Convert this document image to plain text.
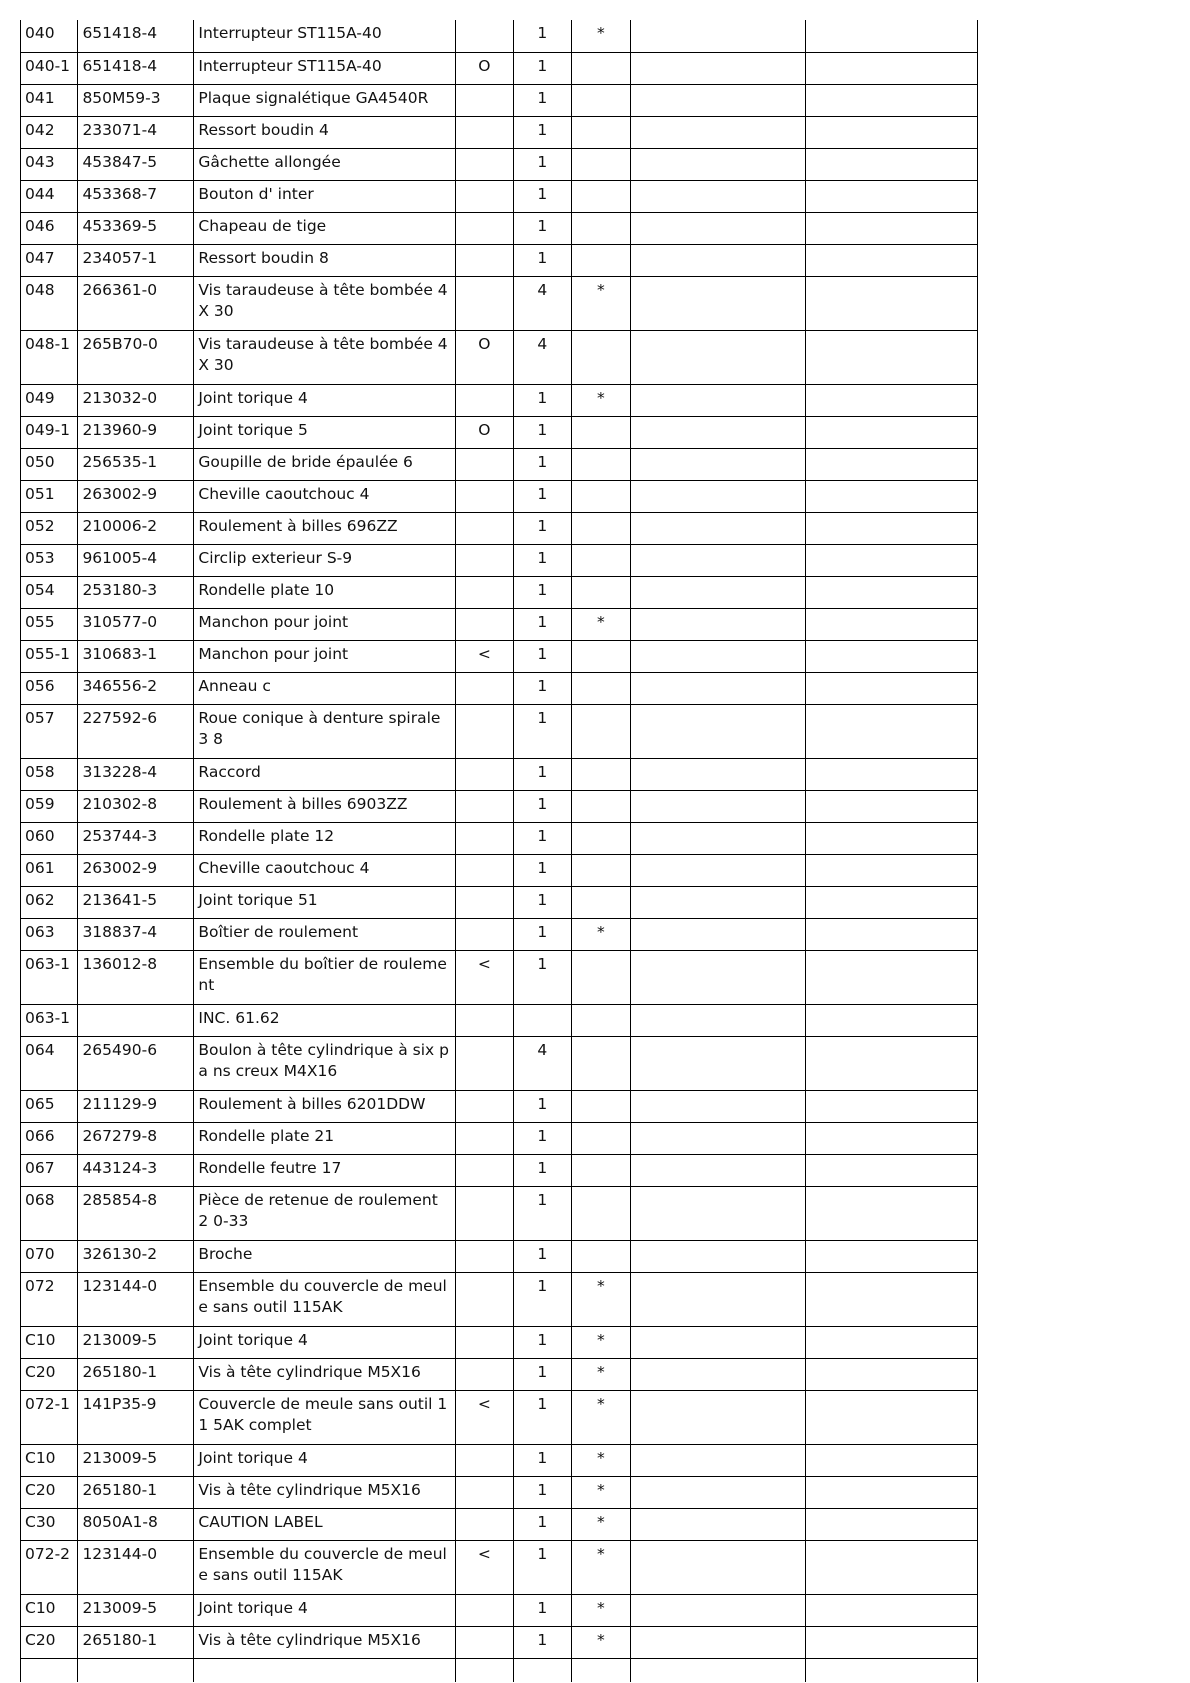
040	651418-4	Interrupteur ST115A-40		1	*		

040-1	651418-4	Interrupteur ST115A-40	O	1			

041	850M59-3	Plaque signalétique GA4540R		1			

042	233071-4	Ressort boudin 4		1			

043	453847-5	Gâchette allongée		1			

044	453368-7	Bouton d' inter		1			

046	453369-5	Chapeau de tige		1			

047	234057-1	Ressort boudin 8		1			

048	266361-0	Vis taraudeuse à tête bombée 4X 30		4	*		

048-1	265B70-0	Vis taraudeuse à tête bombée 4X 30	O	4			

049	213032-0	Joint torique 4		1	*		

049-1	213960-9	Joint torique 5	O	1			

050	256535-1	Goupille de bride épaulée 6		1			

051	263002-9	Cheville caoutchouc 4		1			

052	210006-2	Roulement à billes 696ZZ		1			

053	961005-4	Circlip exterieur S-9		1			

054	253180-3	Rondelle plate 10		1			

055	310577-0	Manchon pour joint		1	*		

055-1	310683-1	Manchon pour joint	<	1			

056	346556-2	Anneau c		1			

057	227592-6	Roue conique à denture spirale 3 8		1			

058	313228-4	Raccord		1			

059	210302-8	Roulement à billes 6903ZZ		1			

060	253744-3	Rondelle plate 12		1			

061	263002-9	Cheville caoutchouc 4		1			

062	213641-5	Joint torique 51		1			

063	318837-4	Boîtier de roulement		1	*		

063-1	136012-8	Ensemble du boîtier de rouleme nt	<	1			

063-1		INC. 61.62					

064	265490-6	Boulon à tête cylindrique à six pa ns creux M4X16		4			

065	211129-9	Roulement à billes 6201DDW		1			

066	267279-8	Rondelle plate 21		1			

067	443124-3	Rondelle feutre 17		1			

068	285854-8	Pièce de retenue de roulement 2 0-33		1			

070	326130-2	Broche		1			

072	123144-0	Ensemble du couvercle de meule sans outil 115AK		1	*		

C10	213009-5	Joint torique 4		1	*		

C20	265180-1	Vis à tête cylindrique M5X16		1	*		

072-1	141P35-9	Couvercle de meule sans outil 11 5AK complet	<	1	*		

C10	213009-5	Joint torique 4		1	*		

C20	265180-1	Vis à tête cylindrique M5X16		1	*		

C30	8050A1-8	CAUTION LABEL		1	*		

072-2	123144-0	Ensemble du couvercle de meule sans outil 115AK	<	1	*		

C10	213009-5	Joint torique 4		1	*		

C20	265180-1	Vis à tête cylindrique M5X16		1	*		
